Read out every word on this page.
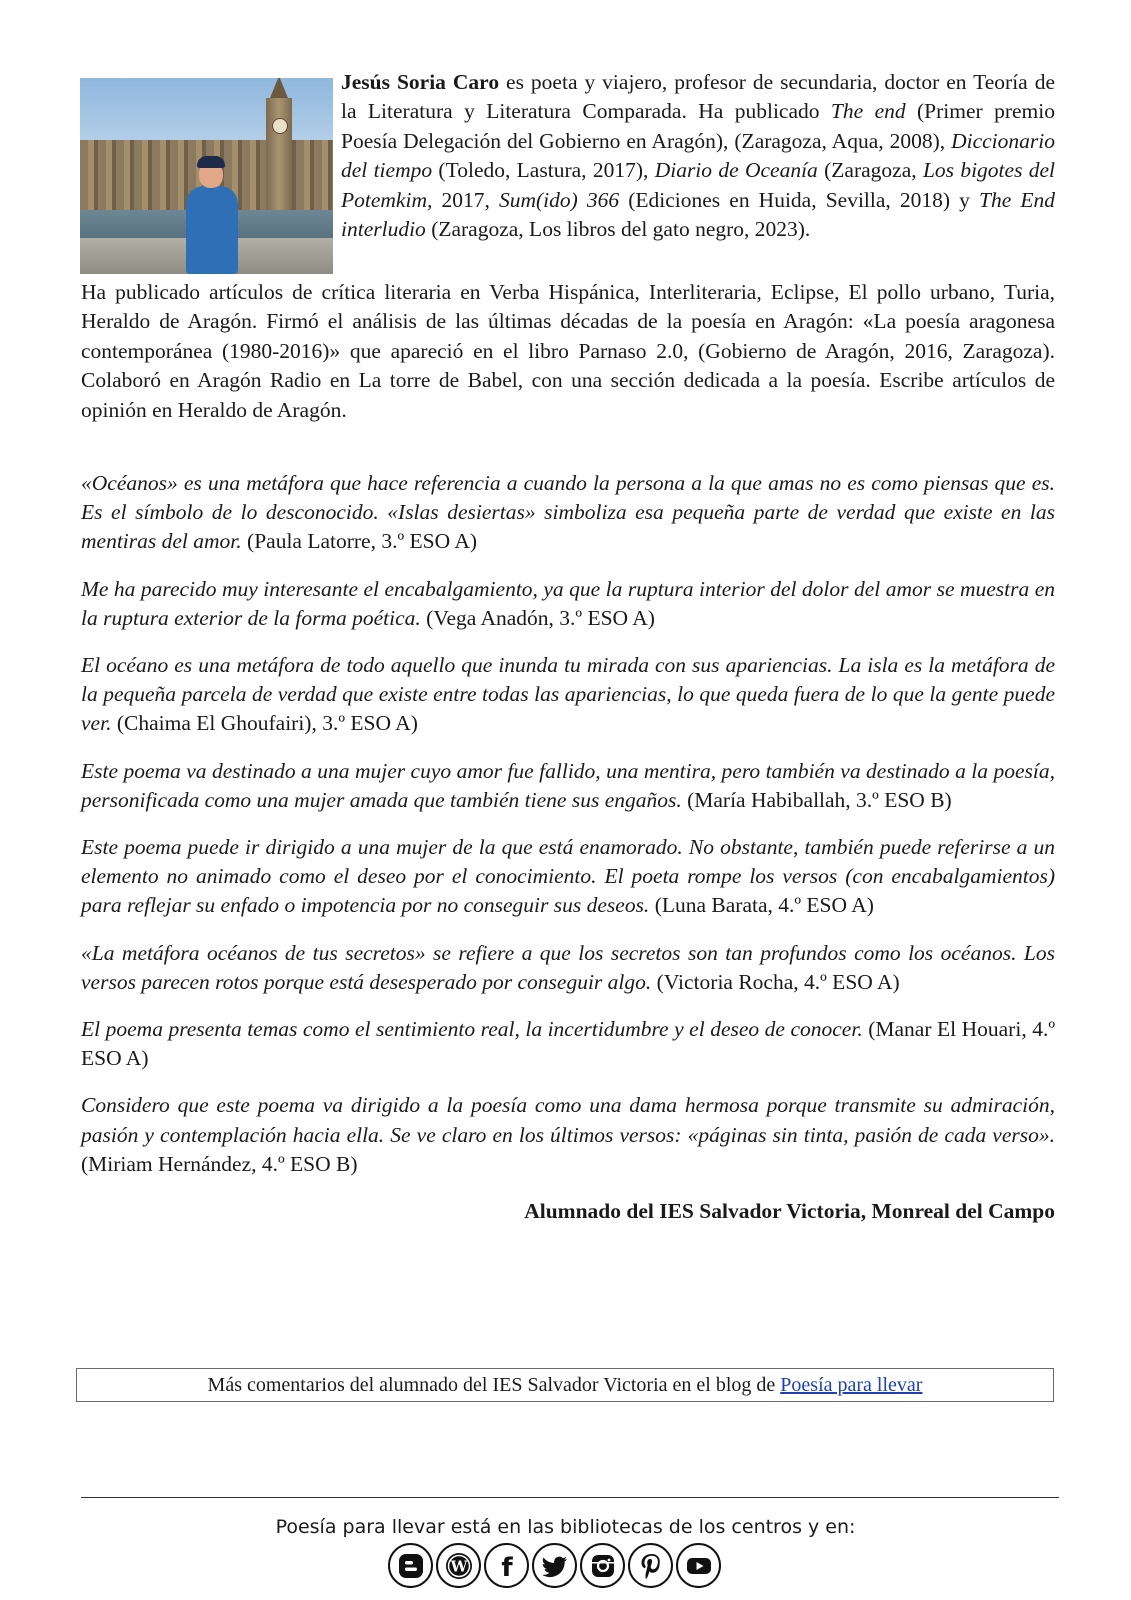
Jesús Soria Caro es poeta y viajero, profesor de secundaria, doctor en Teoría de la Literatura y Literatura Comparada. Ha publicado The end (Primer premio Poesía Delegación del Gobierno en Aragón), (Zaragoza, Aqua, 2008), Diccionario del tiempo (Toledo, Lastura, 2017), Diario de Oceanía (Zaragoza, Los bigotes del Potemkim, 2017, Sum(ido) 366 (Ediciones en Huida, Sevilla, 2018) y The End interludio (Zaragoza, Los libros del gato negro, 2023).

Ha publicado artículos de crítica literaria en Verba Hispánica, Interliteraria, Eclipse, El pollo urbano, Turia, Heraldo de Aragón. Firmó el análisis de las últimas décadas de la poesía en Aragón: «La poesía aragonesa contemporánea (1980-2016)» que apareció en el libro Parnaso 2.0, (Gobierno de Aragón, 2016, Zaragoza). Colaboró en Aragón Radio en La torre de Babel, con una sección dedicada a la poesía. Escribe artículos de opinión en Heraldo de Aragón.

«Océanos» es una metáfora que hace referencia a cuando la persona a la que amas no es como piensas que es. Es el símbolo de lo desconocido. «Islas desiertas» simboliza esa pequeña parte de verdad que existe en las mentiras del amor. (Paula Latorre, 3.º ESO A)

Me ha parecido muy interesante el encabalgamiento, ya que la ruptura interior del dolor del amor se muestra en la ruptura exterior de la forma poética. (Vega Anadón, 3.º ESO A)

El océano es una metáfora de todo aquello que inunda tu mirada con sus apariencias. La isla es la metáfora de la pequeña parcela de verdad que existe entre todas las apariencias, lo que queda fuera de lo que la gente puede ver. (Chaima El Ghoufairi), 3.º ESO A)

Este poema va destinado a una mujer cuyo amor fue fallido, una mentira, pero también va destinado a la poesía, personificada como una mujer amada que también tiene sus engaños. (María Habiballah, 3.º ESO B)

Este poema puede ir dirigido a una mujer de la que está enamorado. No obstante, también puede referirse a un elemento no animado como el deseo por el conocimiento. El poeta rompe los versos (con encabalgamientos) para reflejar su enfado o impotencia por no conseguir sus deseos. (Luna Barata, 4.º ESO A)

«La metáfora océanos de tus secretos» se refiere a que los secretos son tan profundos como los océanos. Los versos parecen rotos porque está desesperado por conseguir algo. (Victoria Rocha, 4.º ESO A)

El poema presenta temas como el sentimiento real, la incertidumbre y el deseo de conocer. (Manar El Houari, 4.º ESO A)

Considero que este poema va dirigido a la poesía como una dama hermosa porque transmite su admiración, pasión y contemplación hacia ella. Se ve claro en los últimos versos: «páginas sin tinta, pasión de cada verso». (Miriam Hernández, 4.º ESO B)

Alumnado del IES Salvador Victoria, Monreal del Campo

Más comentarios del alumnado del IES Salvador Victoria en el blog de Poesía para llevar
Poesía para llevar está en las bibliotecas de los centros y en:
W f
